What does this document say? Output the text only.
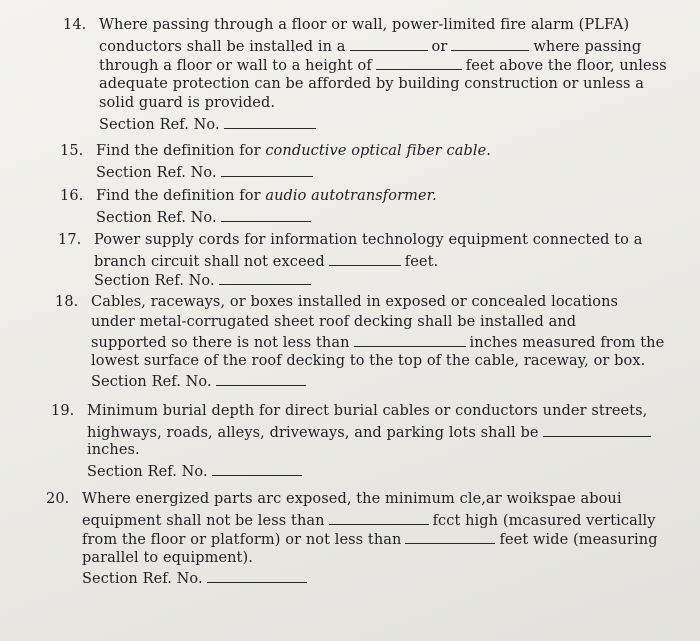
14. Where passing through a floor or wall, power-limited fire alarm (PLFA)
conductors shall be installed in a	or	where passing
through a floor or wall to a height of	feet above the floor, unless
adequate protection can be afforded by building construction or unless a
solid guard is provided.
Section Ref. No.
15. Find the definition for conductive optical fiber cable.
Section Ref. No.
16. Find the definition for audio autotransformer.
Section Ref. No.
17. Power supply cords for information technology equipment connected to a
branch circuit shall not exceed	feet.
Section Ref. No.
18. Cables, raceways, or boxes installed in exposed or concealed locations
under metal-corrugated sheet roof decking shall be installed and
supported so there is not less than	inches measured from the
lowest surface of the roof decking to the top of the cable, raceway, or box.
Section Ref. No.
19. Minimum burial depth for direct burial cables or conductors under streets,
highways, roads, alleys, driveways, and parking lots shall be
inches.
Section Ref. No.
20. Where energized parts arc exposed, the minimum cle,ar woikspae aboui
equipment shall not be less than	fcct high (mcasured vertically
from the floor or platform) or not less than	feet wide (measuring
parallel to equipment).
Section Ref. No.
